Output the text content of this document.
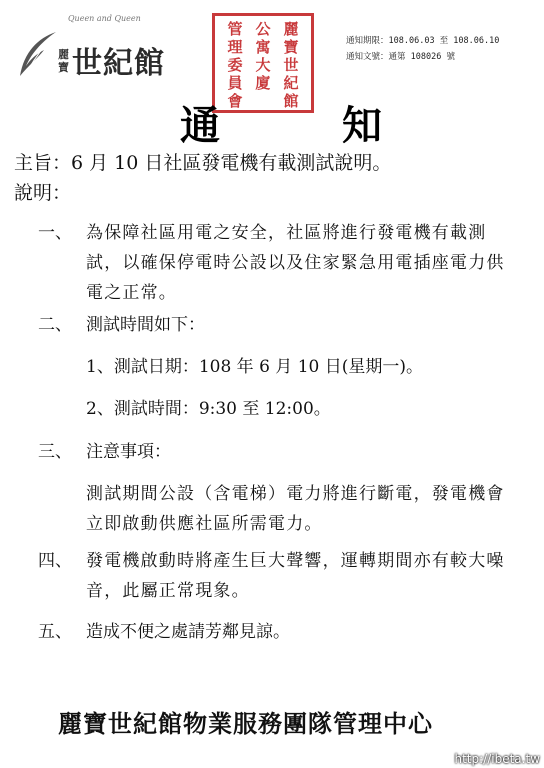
Queen and Queen
麗寶 世紀館
管 公 麗
理 寓 寶
委 大 世
員 廈 紀
會	館
通知期限：108.06.03 至 108.06.10
通知文號：通第 108026 號
通	知
主旨：6 月 10 日社區發電機有載測試說明。
說明：
一、 為保障社區用電之安全，社區將進行發電機有載測
試，以確保停電時公設以及住家緊急用電插座電力供
電之正常。
二、 測試時間如下：
1、測試日期：108 年 6 月 10 日(星期一)。
2、測試時間：9:30 至 12:00。
三、 注意事項：
測試期間公設（含電梯）電力將進行斷電，發電機會
立即啟動供應社區所需電力。
四、 發電機啟動時將產生巨大聲響，運轉期間亦有較大噪
音，此屬正常現象。
五、 造成不便之處請芳鄰見諒。
麗寶世紀館物業服務團隊管理中心
http://ibeta.tw
